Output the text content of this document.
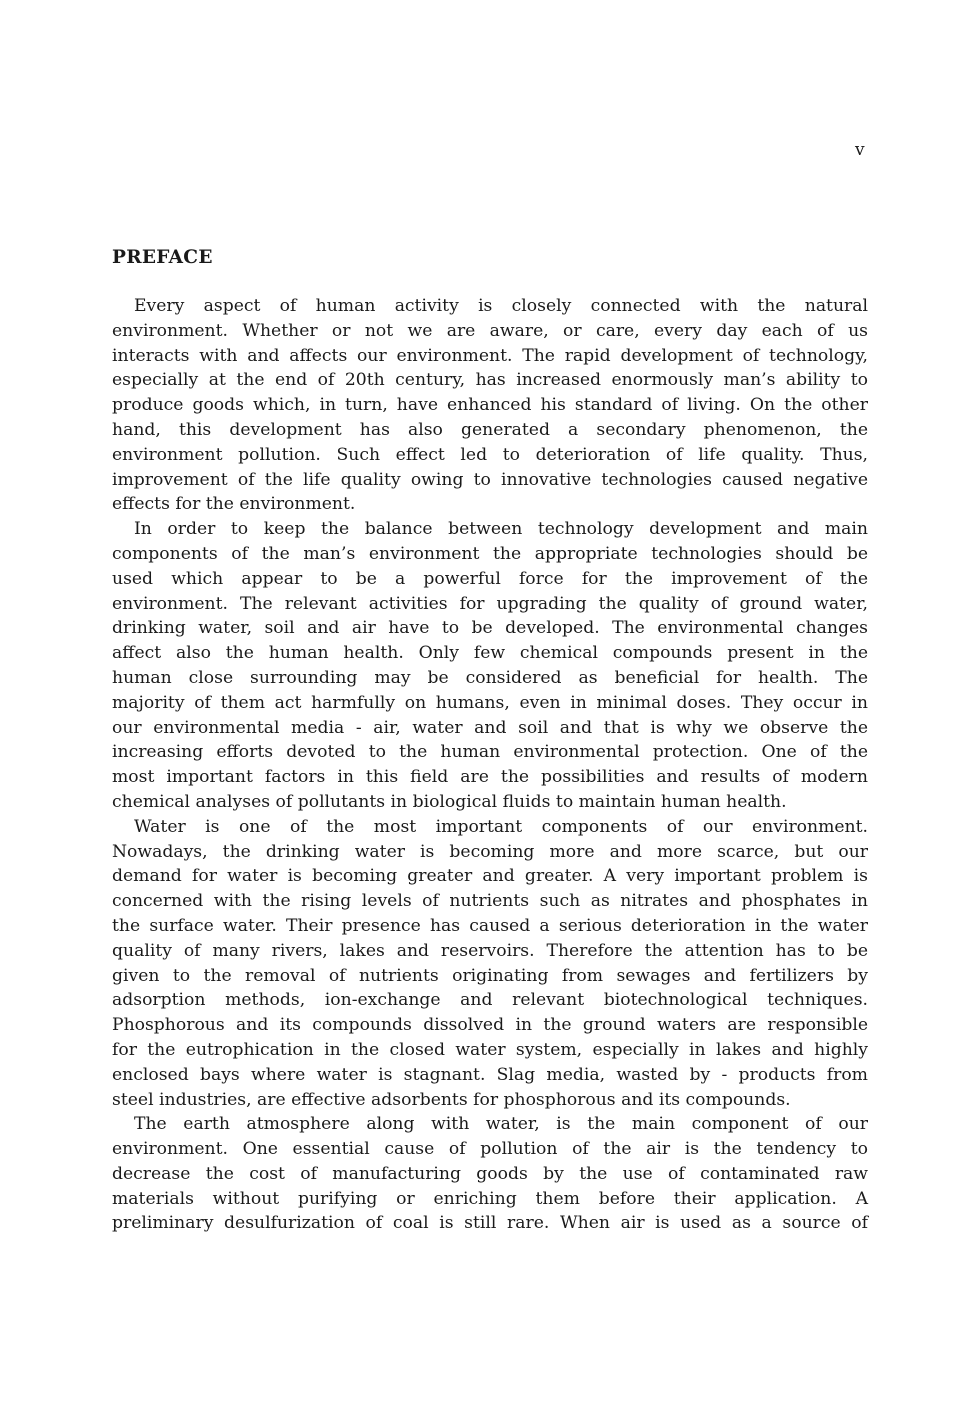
v
PREFACE
Every aspect of human activity is closely connected with the natural
environment. Whether or not we are aware, or care, every day each of us
interacts with and affects our environment. The rapid development of technology,
especially at the end of 20th century, has increased enormously man’s ability to
produce goods which, in turn, have enhanced his standard of living. On the other
hand, this development has also generated a secondary phenomenon, the
environment pollution. Such effect led to deterioration of life quality. Thus,
improvement of the life quality owing to innovative technologies caused negative
effects for the environment.
In order to keep the balance between technology development and main
components of the man’s environment the appropriate technologies should be
used which appear to be a powerful force for the improvement of the
environment. The relevant activities for upgrading the quality of ground water,
drinking water, soil and air have to be developed. The environmental changes
affect also the human health. Only few chemical compounds present in the
human close surrounding may be considered as beneficial for health. The
majority of them act harmfully on humans, even in minimal doses. They occur in
our environmental media - air, water and soil and that is why we observe the
increasing efforts devoted to the human environmental protection. One of the
most important factors in this field are the possibilities and results of modern
chemical analyses of pollutants in biological fluids to maintain human health.
Water is one of the most important components of our environment.
Nowadays, the drinking water is becoming more and more scarce, but our
demand for water is becoming greater and greater. A very important problem is
concerned with the rising levels of nutrients such as nitrates and phosphates in
the surface water. Their presence has caused a serious deterioration in the water
quality of many rivers, lakes and reservoirs. Therefore the attention has to be
given to the removal of nutrients originating from sewages and fertilizers by
adsorption methods, ion-exchange and relevant biotechnological techniques.
Phosphorous and its compounds dissolved in the ground waters are responsible
for the eutrophication in the closed water system, especially in lakes and highly
enclosed bays where water is stagnant. Slag media, wasted by - products from
steel industries, are effective adsorbents for phosphorous and its compounds.
The earth atmosphere along with water, is the main component of our
environment. One essential cause of pollution of the air is the tendency to
decrease the cost of manufacturing goods by the use of contaminated raw
materials without purifying or enriching them before their application. A
preliminary desulfurization of coal is still rare. When air is used as a source of
